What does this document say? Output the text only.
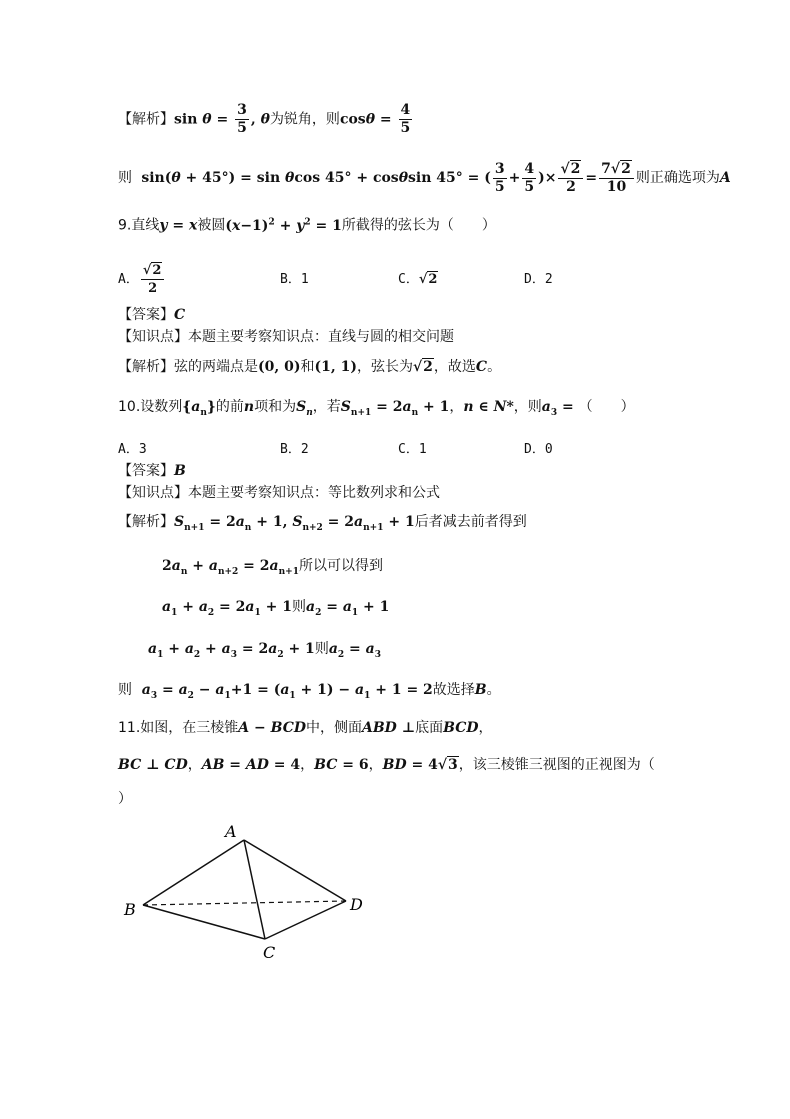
【解析】$\sin \theta = \frac{3}{5}$ , θ为锐角，则$\cos\theta = \frac{4}{5}$
则  sin(θ + 45°) = sin θcos 45° + cosθsin 45° = ( $\frac{3}{5} + \frac{4}{5}$ )× $\frac{√2}{2} = \frac{7√2}{10}$ 则正确选项为A
9.直线y = x被圆$(x-1)^2 + y^2 = 1$所截得的弦长为（　　）
A． $\frac{√2}{2}$	B．1	C．√2	D．2
【答案】C
【知识点】本题主要考察知识点：直线与圆的相交问题
【解析】弦的两端点是(0, 0)和(1, 1)，弦长为√2，故选C。
10.设数列$\{a_n\}$的前n项和为$S_n$，若$S_{n+1} = 2a_n + 1$，n ∈ N*，则$a_3$ = （　　）
A．3	B．2	C．1	D．0
【答案】B
【知识点】本题主要考察知识点：等比数列求和公式
【解析】$S_{n+1} = 2a_n + 1$, $S_{n+2} = 2a_{n+1} + 1$后者减去前者得到
$2a_n + a_{n+2} = 2a_{n+1}$所以可以得到
$a_1 + a_2 = 2a_1 + 1$则$a_2 = a_1 + 1$
$a_1 + a_2 + a_3 = 2a_2 + 1$则$a_2 = a_3$
则 $a_3 = a_2 - a_1+1 = (a_1 + 1) - a_1 + 1 = 2$故选择B。
11.如图，在三棱锥A − BCD中，侧面ABD ⊥底面BCD，
BC ⊥ CD，AB = AD = 4，BC = 6，BD = 4√3，该三棱锥三视图的正视图为（
）
A
B
C
D
